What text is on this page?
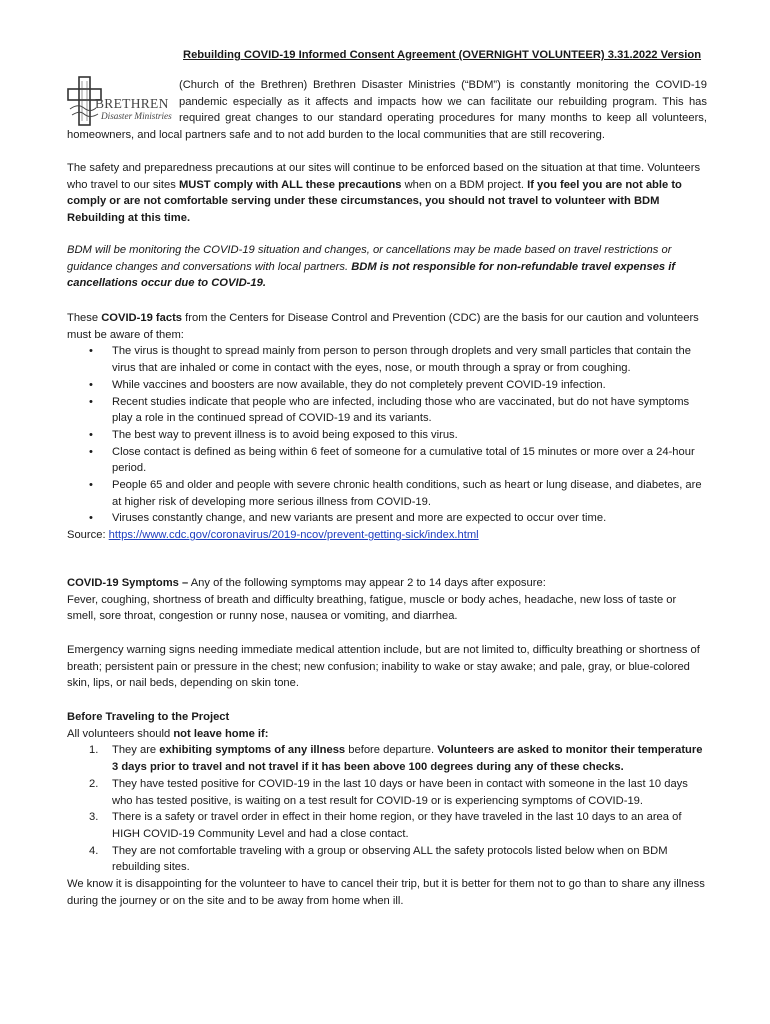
Rebuilding COVID-19 Informed Consent Agreement (OVERNIGHT VOLUNTEER) 3.31.2022 Version
BRETHREN
Disaster Ministries

(Church of the Brethren) Brethren Disaster Ministries (“BDM”) is constantly monitoring the COVID-19 pandemic especially as it affects and impacts how we can facilitate our rebuilding program. This has required great changes to our standard operating procedures for many months to keep all volunteers, homeowners, and local partners safe and to not add burden to the local communities that are still recovering.

The safety and preparedness precautions at our sites will continue to be enforced based on the situation at that time. Volunteers who travel to our sites MUST comply with ALL these precautions when on a BDM project. If you feel you are not able to comply or are not comfortable serving under these circumstances, you should not travel to volunteer with BDM Rebuilding at this time.

BDM will be monitoring the COVID-19 situation and changes, or cancellations may be made based on travel restrictions or guidance changes and conversations with local partners. BDM is not responsible for non-refundable travel expenses if cancellations occur due to COVID-19.

These COVID-19 facts from the Centers for Disease Control and Prevention (CDC) are the basis for our caution and volunteers must be aware of them:

• The virus is thought to spread mainly from person to person through droplets and very small particles that contain the virus that are inhaled or come in contact with the eyes, nose, or mouth through a spray or from coughing.
• While vaccines and boosters are now available, they do not completely prevent COVID-19 infection.
• Recent studies indicate that people who are infected, including those who are vaccinated, but do not have symptoms play a role in the continued spread of COVID-19 and its variants.
• The best way to prevent illness is to avoid being exposed to this virus.
• Close contact is defined as being within 6 feet of someone for a cumulative total of 15 minutes or more over a 24-hour period.
• People 65 and older and people with severe chronic health conditions, such as heart or lung disease, and diabetes, are at higher risk of developing more serious illness from COVID-19.
• Viruses constantly change, and new variants are present and more are expected to occur over time.

Source: https://www.cdc.gov/coronavirus/2019-ncov/prevent-getting-sick/index.html

COVID-19 Symptoms – Any of the following symptoms may appear 2 to 14 days after exposure:

Fever, coughing, shortness of breath and difficulty breathing, fatigue, muscle or body aches, headache, new loss of taste or smell, sore throat, congestion or runny nose, nausea or vomiting, and diarrhea.

Emergency warning signs needing immediate medical attention include, but are not limited to, difficulty breathing or shortness of breath; persistent pain or pressure in the chest; new confusion; inability to wake or stay awake; and pale, gray, or blue-colored skin, lips, or nail beds, depending on skin tone.

Before Traveling to the Project

All volunteers should not leave home if:

1. They are exhibiting symptoms of any illness before departure. Volunteers are asked to monitor their temperature 3 days prior to travel and not travel if it has been above 100 degrees during any of these checks.
2. They have tested positive for COVID-19 in the last 10 days or have been in contact with someone in the last 10 days who has tested positive, is waiting on a test result for COVID-19 or is experiencing symptoms of COVID-19.
3. There is a safety or travel order in effect in their home region, or they have traveled in the last 10 days to an area of HIGH COVID-19 Community Level and had a close contact.
4. They are not comfortable traveling with a group or observing ALL the safety protocols listed below when on BDM rebuilding sites.

We know it is disappointing for the volunteer to have to cancel their trip, but it is better for them not to go than to share any illness during the journey or on the site and to be away from home when ill.
